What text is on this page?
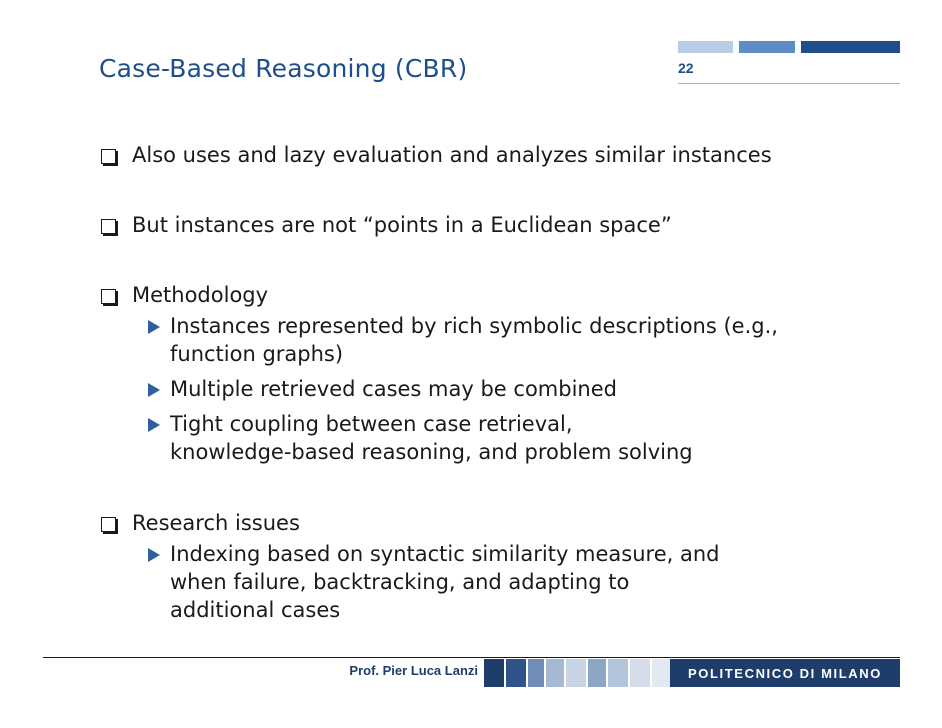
Case-Based Reasoning (CBR)	22
Also uses and lazy evaluation and analyzes similar instances
But instances are not “points in a Euclidean space”
Methodology
Instances represented by rich symbolic descriptions (e.g.,
function graphs)
Multiple retrieved cases may be combined
Tight coupling between case retrieval,
knowledge-based reasoning, and problem solving
Research issues
Indexing based on syntactic similarity measure, and
when failure, backtracking, and adapting to
additional cases
Prof. Pier Luca Lanzi	POLITECNICO DI MILANO
